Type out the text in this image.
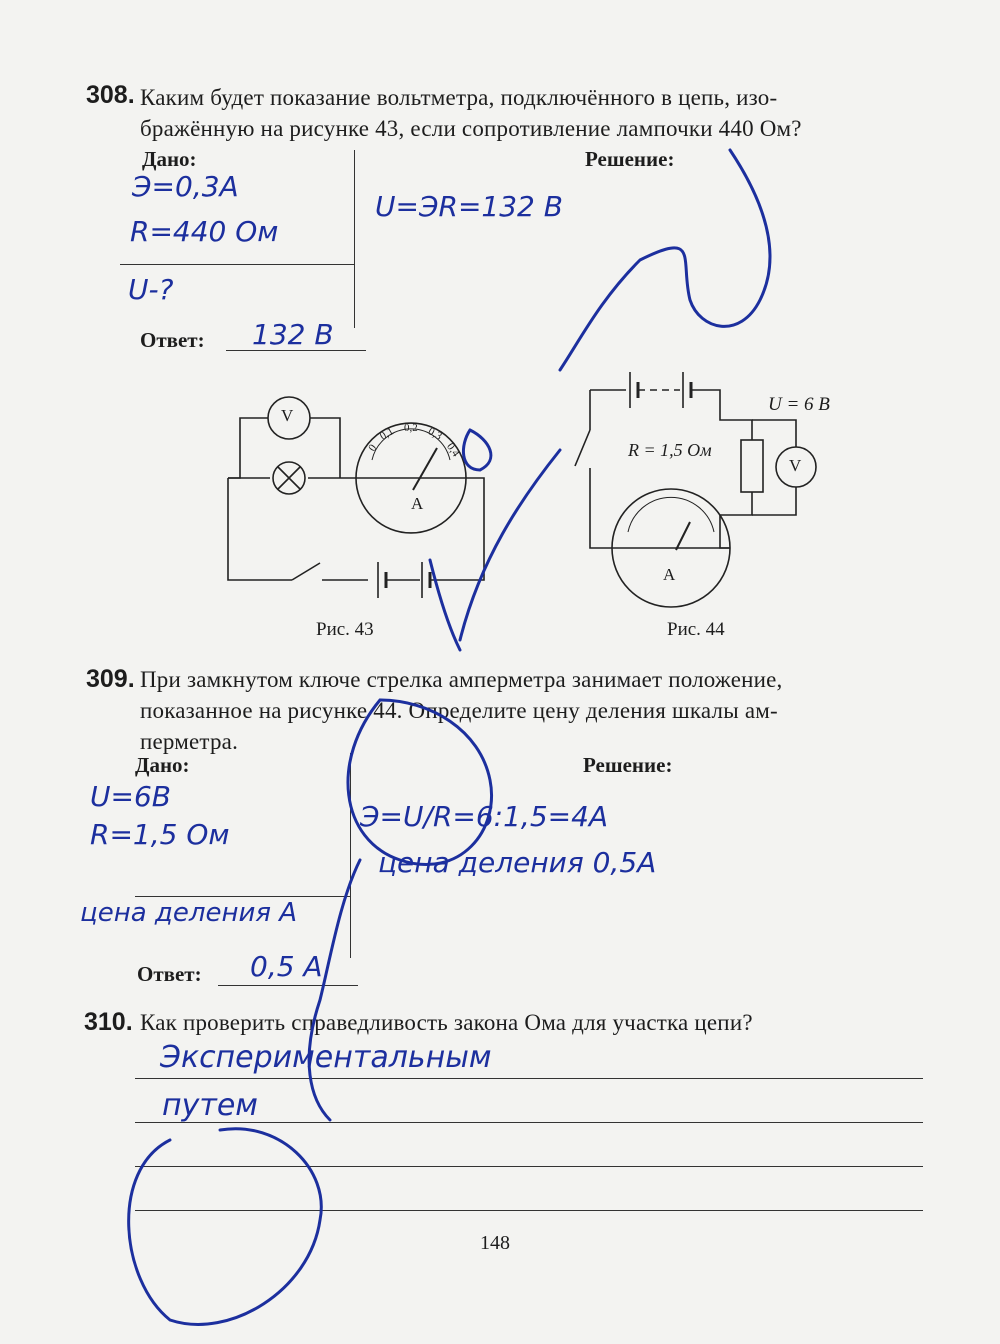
308. Каким будет показание вольтметра, подключённого в цепь, изо-
бражённую на рисунке 43, если сопротивление лампочки 440 Ом?
Дано:	Решение:
Э=0,3А
R=440 Ом
U-?
U=ЭR=132 В
Ответ: 132 В
V
A
0
0,1 0,2 0,3
0,4
Рис. 43
U = 6 В
R = 1,5 Ом
V
A
Рис. 44
309. При замкнутом ключе стрелка амперметра занимает положение,
показанное на рисунке 44. Определите цену деления шкалы ам-
перметра.
Дано:	Решение:
U=6В
R=1,5 Ом
цена деления А
Э=U/R=6:1,5=4А
цена деления 0,5А
Ответ: 0,5 А
310. Как проверить справедливость закона Ома для участка цепи?
Экспериментальным
путем
148
